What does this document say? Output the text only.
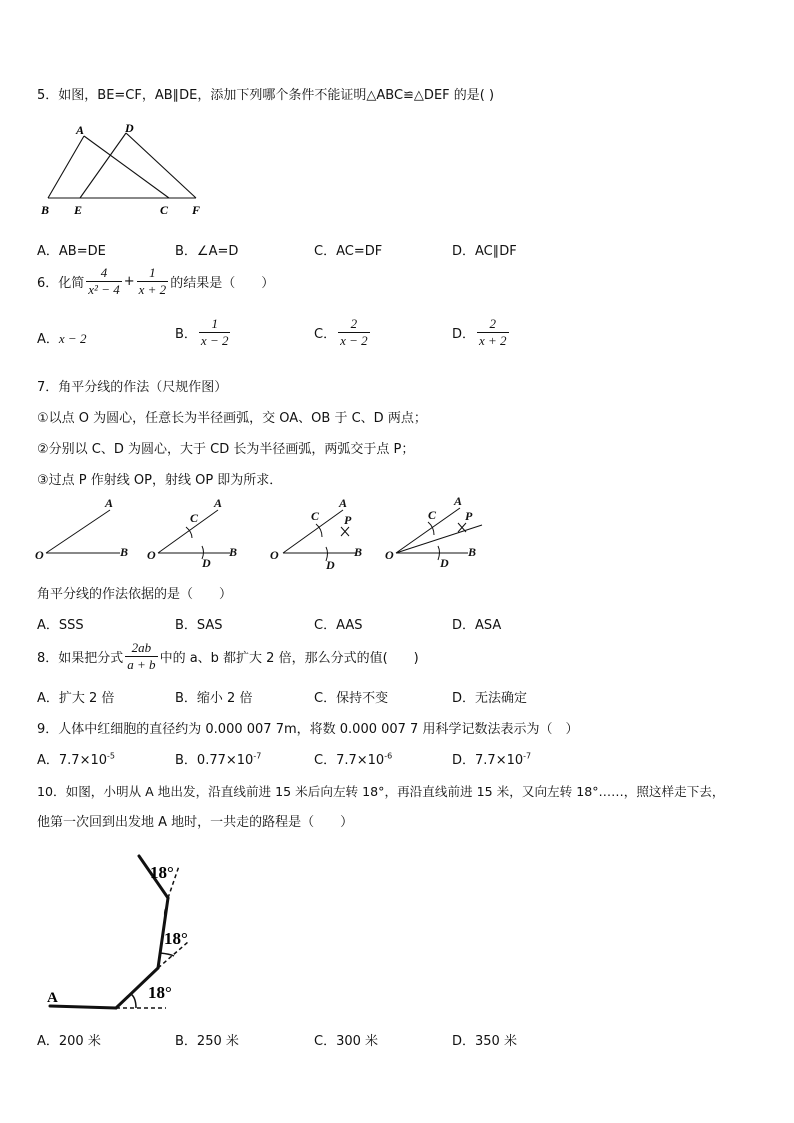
5．如图，BE=CF，AB∥DE，添加下列哪个条件不能证明△ABC≌△DEF 的是( )
A	D
B E	C F
A．AB=DE	B．∠A=D	C．AC=DF	D．AC∥DF
6．化简 $\frac{4}{\text{x² − 4}} + \frac{1}{x + 2}$ 的结果是（　　）
A．x − 2	B． $\frac{1}{x - 2}$	C． $\frac{2}{x - 2}$	D． $\frac{2}{x + 2}$
7．角平分线的作法（尺规作图）
①以点 O 为圆心，任意长为半径画弧，交 OA、OB 于 C、D 两点；
②分别以 C、D 为圆心，大于 CD 长为半径画弧，两弧交于点 P；
③过点 P 作射线 OP，射线 OP 即为所求．
O
A
B O
A
C
D
B	O
A
C P
D
B O
A
C P
D
B
角平分线的作法依据的是（　　）
A．SSS	B．SAS	C．AAS	D．ASA
8．如果把分式 $\frac{2ab}{a + b}$ 中的 a、b 都扩大 2 倍，那么分式的值(　　)
A．扩大 2 倍	B．缩小 2 倍	C．保持不变	D．无法确定
9．人体中红细胞的直径约为 0.000 007 7m，将数 0.000 007 7 用科学记数法表示为（　）
A．$7.7\times 10^{-5}$	B．$0.77\times 10^{-7}$	C．$7.7\times 10^{-6}$	D．$7.7\times 10^{-7}$
10．如图，小明从 A 地出发，沿直线前进 15 米后向左转 18°，再沿直线前进 15 米，又向左转 18°……，照这样走下去，
他第一次回到出发地 A 地时，一共走的路程是（　　）
A	18°
18°
18°
A．200 米	B．250 米	C．300 米	D．350 米
